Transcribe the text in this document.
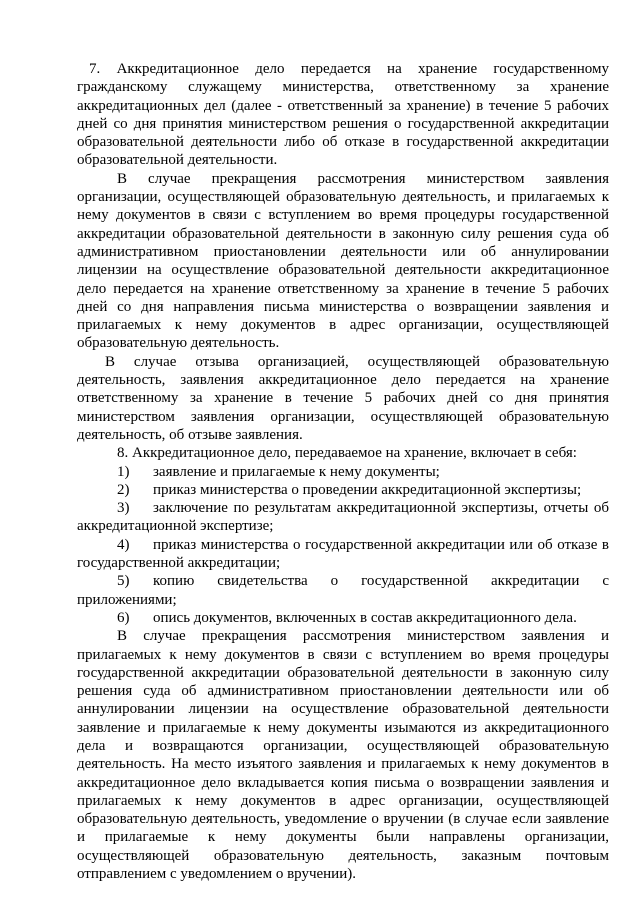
7. Аккредитационное дело передается на хранение государственному гражданскому служащему министерства, ответственному за хранение аккредитационных дел (далее - ответственный за хранение) в течение 5 рабочих дней со дня принятия министерством решения о государственной аккредитации образовательной деятельности либо об отказе в государственной аккредитации образовательной деятельности.

В случае прекращения рассмотрения министерством заявления организации, осуществляющей образовательную деятельность, и прилагаемых к нему документов в связи с вступлением во время процедуры государственной аккредитации образовательной деятельности в законную силу решения суда об административном приостановлении деятельности или об аннулировании лицензии на осуществление образовательной деятельности аккредитационное дело передается на хранение ответственному за хранение в течение 5 рабочих дней со дня направления письма министерства о возвращении заявления и прилагаемых к нему документов в адрес организации, осуществляющей образовательную деятельность.

В случае отзыва организацией, осуществляющей образовательную деятельность, заявления аккредитационное дело передается на хранение ответственному за хранение в течение 5 рабочих дней со дня принятия министерством заявления организации, осуществляющей образовательную деятельность, об отзыве заявления.

8. Аккредитационное дело, передаваемое на хранение, включает в себя:

1) заявление и прилагаемые к нему документы;

2) приказ министерства о проведении аккредитационной экспертизы;

3) заключение по результатам аккредитационной экспертизы, отчеты об аккредитационной экспертизе;

4) приказ министерства о государственной аккредитации или об отказе в государственной аккредитации;

5) копию свидетельства о государственной аккредитации с приложениями;

6) опись документов, включенных в состав аккредитационного дела.

В случае прекращения рассмотрения министерством заявления и прилагаемых к нему документов в связи с вступлением во время процедуры государственной аккредитации образовательной деятельности в законную силу решения суда об административном приостановлении деятельности или об аннулировании лицензии на осуществление образовательной деятельности заявление и прилагаемые к нему документы изымаются из аккредитационного дела и возвращаются организации, осуществляющей образовательную деятельность. На место изъятого заявления и прилагаемых к нему документов в аккредитационное дело вкладывается копия письма о возвращении заявления и прилагаемых к нему документов в адрес организации, осуществляющей образовательную деятельность, уведомление о вручении (в случае если заявление и прилагаемые к нему документы были направлены организации, осуществляющей образовательную деятельность, заказным почтовым отправлением с уведомлением о вручении).
